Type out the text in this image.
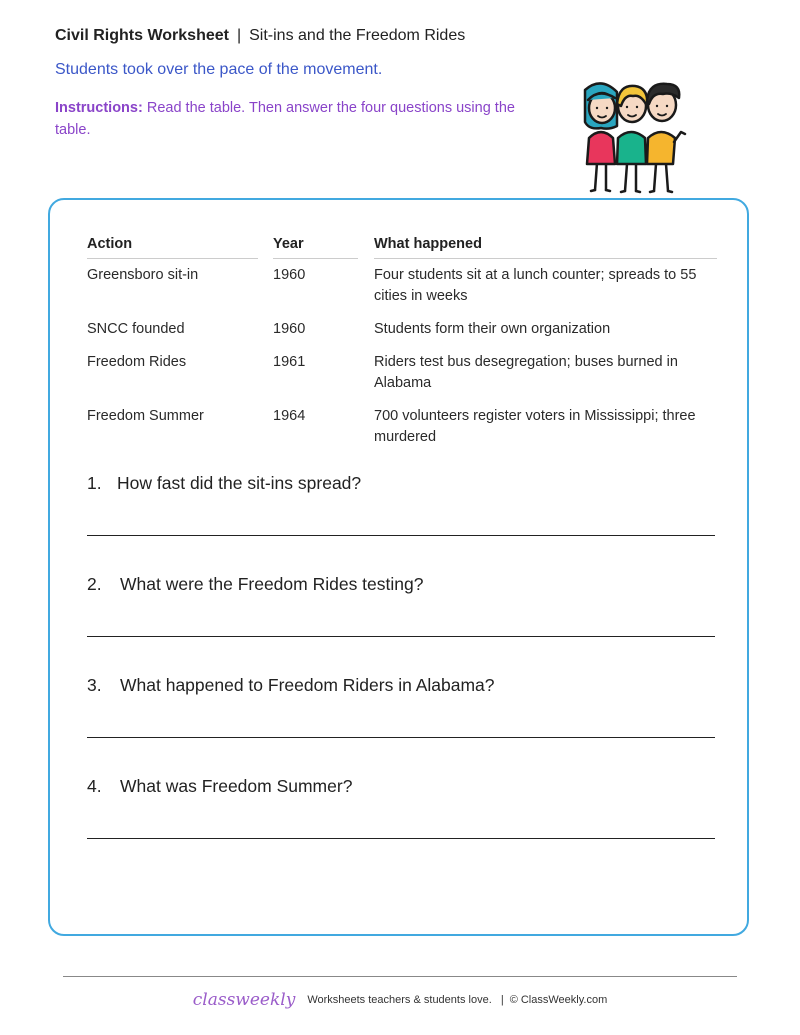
Civil Rights Worksheet | Sit-ins and the Freedom Rides
Students took over the pace of the movement.
Instructions: Read the table. Then answer the four questions using the table.
Action		Year		What happened
Greensboro sit-in		1960		Four students sit at a lunch counter; spreads to 55 cities in weeks
SNCC founded		1960		Students form their own organization
Freedom Rides		1961		Riders test bus desegregation; buses burned in Alabama
Freedom Summer		1964		700 volunteers register voters in Mississippi; three murdered
1. How fast did the sit-ins spread?
2. What were the Freedom Rides testing?
3. What happened to Freedom Riders in Alabama?
4. What was Freedom Summer?
classweekly Worksheets teachers & students love. | © ClassWeekly.com
